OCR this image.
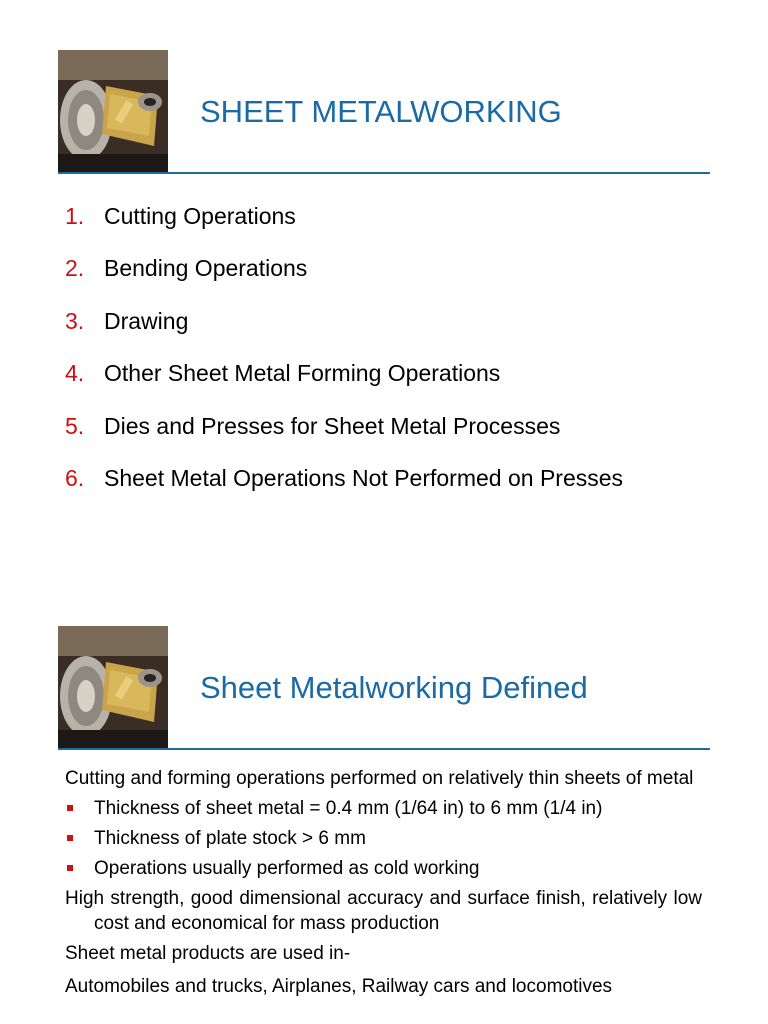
SHEET METALWORKING
1. Cutting Operations
2. Bending Operations
3. Drawing
4. Other Sheet Metal Forming Operations
5. Dies and Presses for Sheet Metal Processes
6. Sheet Metal Operations Not Performed on Presses
Sheet Metalworking Defined

Cutting and forming operations performed on relatively thin sheets of metal

Thickness of sheet metal = 0.4 mm (1/64 in) to 6 mm (1/4 in)
Thickness of plate stock > 6 mm
Operations usually performed as cold working

High strength, good dimensional accuracy and surface finish, relatively low cost and economical for mass production

Sheet metal products are used in-

Automobiles and trucks, Airplanes, Railway cars and locomotives
